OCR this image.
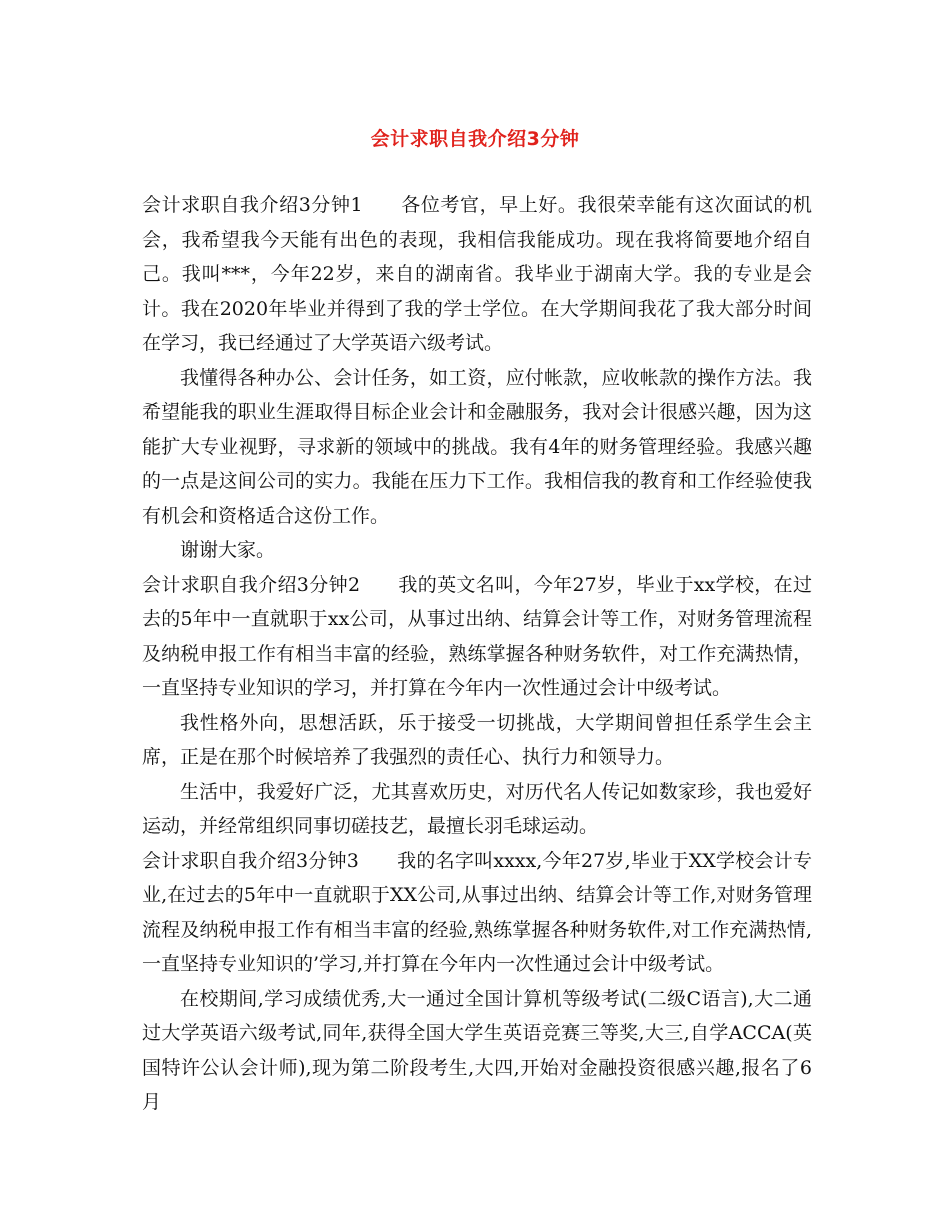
会计求职自我介绍3分钟

会计求职自我介绍3分钟1 各位考官，早上好。我很荣幸能有这次面试的机会，我希望我今天能有出色的表现，我相信我能成功。现在我将简要地介绍自己。我叫***，今年22岁，来自的湖南省。我毕业于湖南大学。我的专业是会计。我在2020年毕业并得到了我的学士学位。在大学期间我花了我大部分时间在学习，我已经通过了大学英语六级考试。

我懂得各种办公、会计任务，如工资，应付帐款，应收帐款的操作方法。我希望能我的职业生涯取得目标企业会计和金融服务，我对会计很感兴趣，因为这能扩大专业视野，寻求新的领域中的挑战。我有4年的财务管理经验。我感兴趣的一点是这间公司的实力。我能在压力下工作。我相信我的教育和工作经验使我有机会和资格适合这份工作。

谢谢大家。

会计求职自我介绍3分钟2 我的英文名叫，今年27岁，毕业于xx学校，在过去的5年中一直就职于xx公司，从事过出纳、结算会计等工作，对财务管理流程及纳税申报工作有相当丰富的经验，熟练掌握各种财务软件，对工作充满热情，一直坚持专业知识的学习，并打算在今年内一次性通过会计中级考试。

我性格外向，思想活跃，乐于接受一切挑战，大学期间曾担任系学生会主席，正是在那个时候培养了我强烈的责任心、执行力和领导力。

生活中，我爱好广泛，尤其喜欢历史，对历代名人传记如数家珍，我也爱好运动，并经常组织同事切磋技艺，最擅长羽毛球运动。

会计求职自我介绍3分钟3 我的名字叫xxxx,今年27岁,毕业于XX学校会计专业,在过去的5年中一直就职于XX公司,从事过出纳、结算会计等工作,对财务管理流程及纳税申报工作有相当丰富的经验,熟练掌握各种财务软件,对工作充满热情,一直坚持专业知识的’学习,并打算在今年内一次性通过会计中级考试。

在校期间,学习成绩优秀,大一通过全国计算机等级考试(二级C语言),大二通过大学英语六级考试,同年,获得全国大学生英语竞赛三等奖,大三,自学ACCA(英国特许公认会计师),现为第二阶段考生,大四,开始对金融投资很感兴趣,报名了6月
